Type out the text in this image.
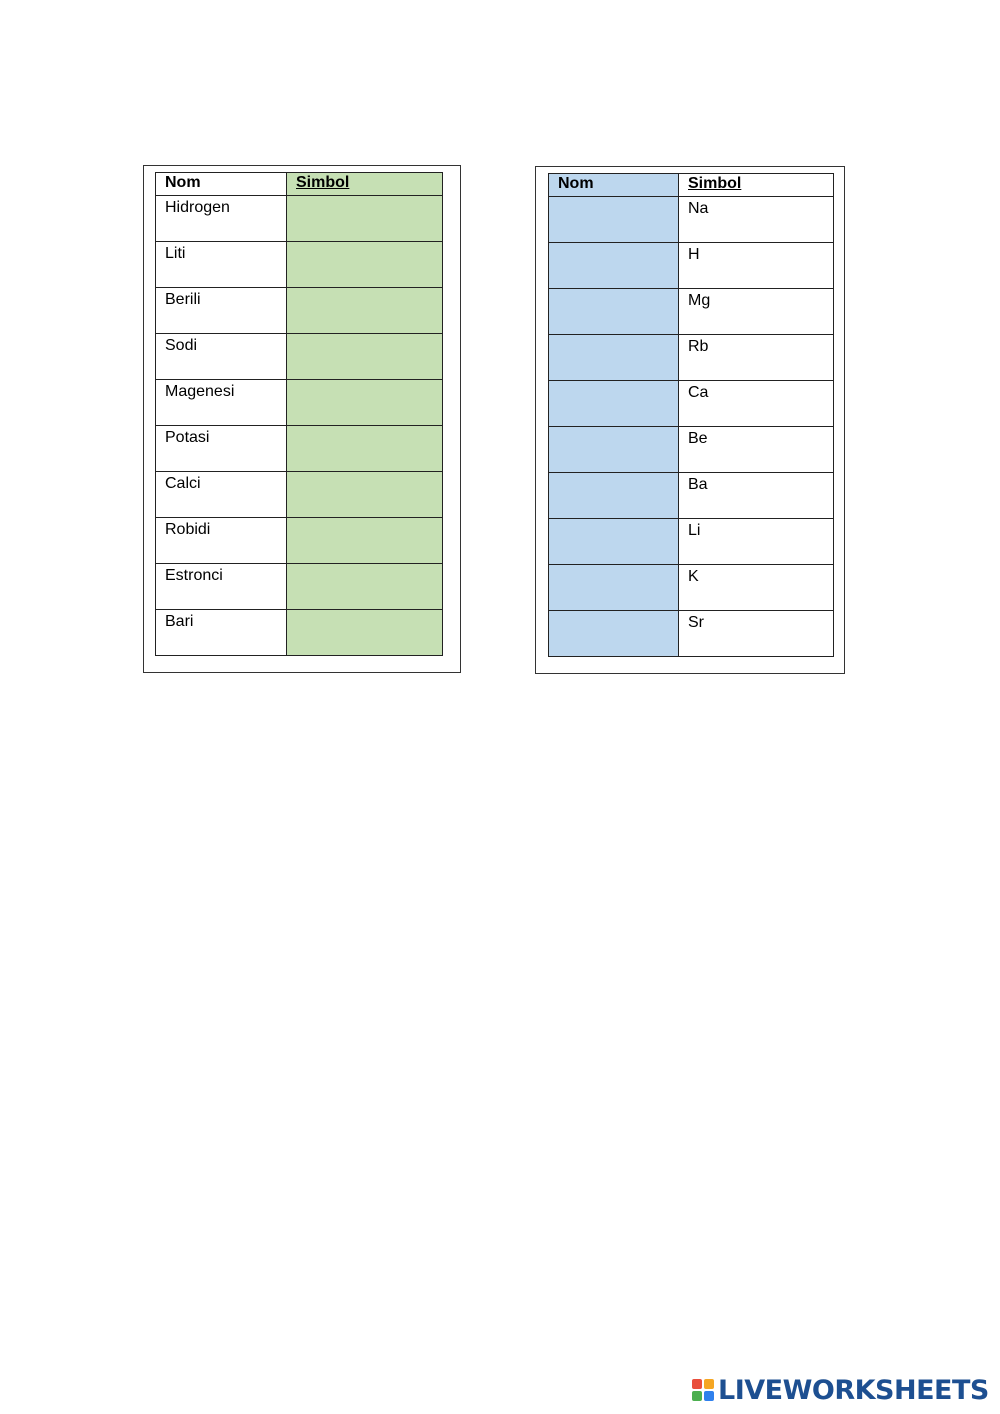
Nom	Simbol
Hidrogen	
Liti	
Berili	
Sodi	
Magenesi	
Potasi	
Calci	
Robidi	
Estronci	
Bari	
Nom	Simbol
	Na
	H
	Mg
	Rb
	Ca
	Be
	Ba
	Li
	K
	Sr
LIVEWORKSHEETS
